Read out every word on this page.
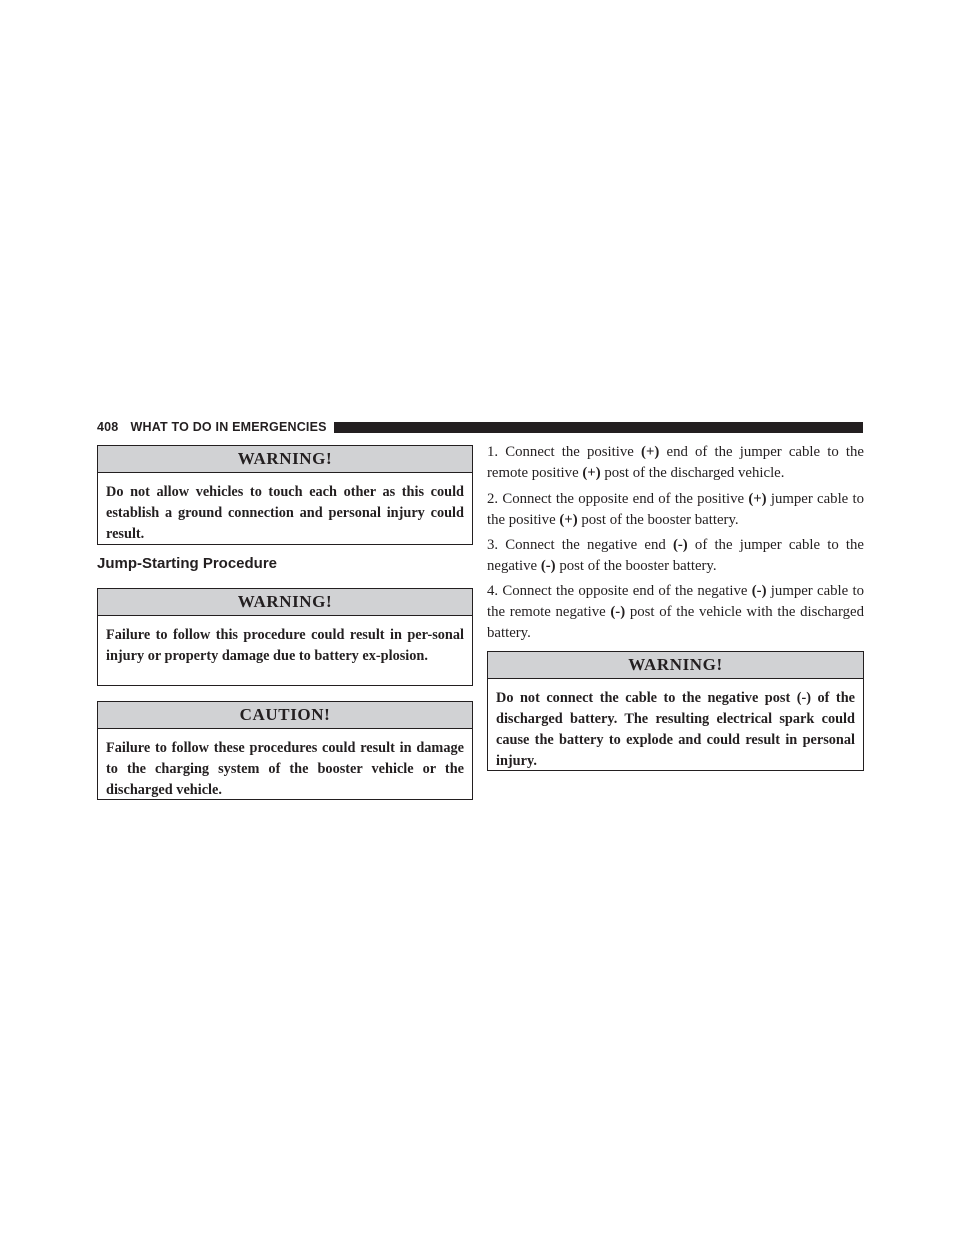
408 WHAT TO DO IN EMERGENCIES
WARNING!
Do not allow vehicles to touch each other as this could establish a ground connection and personal injury could result.
Jump-Starting Procedure
WARNING!
Failure to follow this procedure could result in per-sonal injury or property damage due to battery ex-plosion.
CAUTION!
Failure to follow these procedures could result in damage to the charging system of the booster vehicle or the discharged vehicle.
1. Connect the positive (+) end of the jumper cable to the remote positive (+) post of the discharged vehicle.
2. Connect the opposite end of the positive (+) jumper cable to the positive (+) post of the booster battery.
3. Connect the negative end (-) of the jumper cable to the negative (-) post of the booster battery.
4. Connect the opposite end of the negative (-) jumper cable to the remote negative (-) post of the vehicle with the discharged battery.
WARNING!
Do not connect the cable to the negative post (-) of the discharged battery. The resulting electrical spark could cause the battery to explode and could result in personal injury.
